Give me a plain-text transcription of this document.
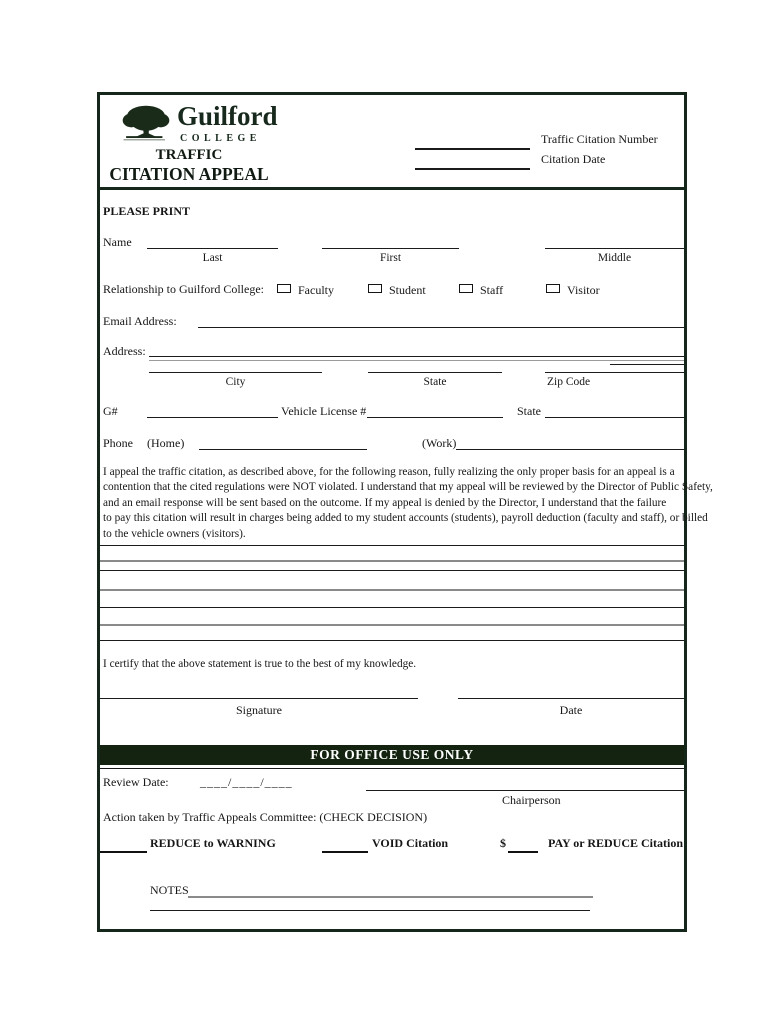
Guilford
COLLEGE
TRAFFIC
CITATION APPEAL
Traffic Citation Number
Citation Date
PLEASE PRINT
Name
Last	First	Middle
Relationship to Guilford College:	Faculty	Student	Staff	Visitor
Email Address:
Address:
City	State	Zip Code
G#	Vehicle License #	State
Phone (Home)	(Work)
I appeal the traffic citation, as described above, for the following reason, fully realizing the only proper basis for an appeal is a
contention that the cited regulations were NOT violated. I understand that my appeal will be reviewed by the Director of Public Safety,
and an email response will be sent based on the outcome. If my appeal is denied by the Director, I understand that the failure
to pay this citation will result in charges being added to my student accounts (students), payroll deduction (faculty and staff), or billed
to the vehicle owners (visitors).
I certify that the above statement is true to the best of my knowledge.
Signature	Date
FOR OFFICE USE ONLY
Review Date:	____/____/____
Chairperson
Action taken by Traffic Appeals Committee: (CHECK DECISION)
REDUCE to WARNING	VOID Citation	$	PAY or REDUCE Citation
NOTES
